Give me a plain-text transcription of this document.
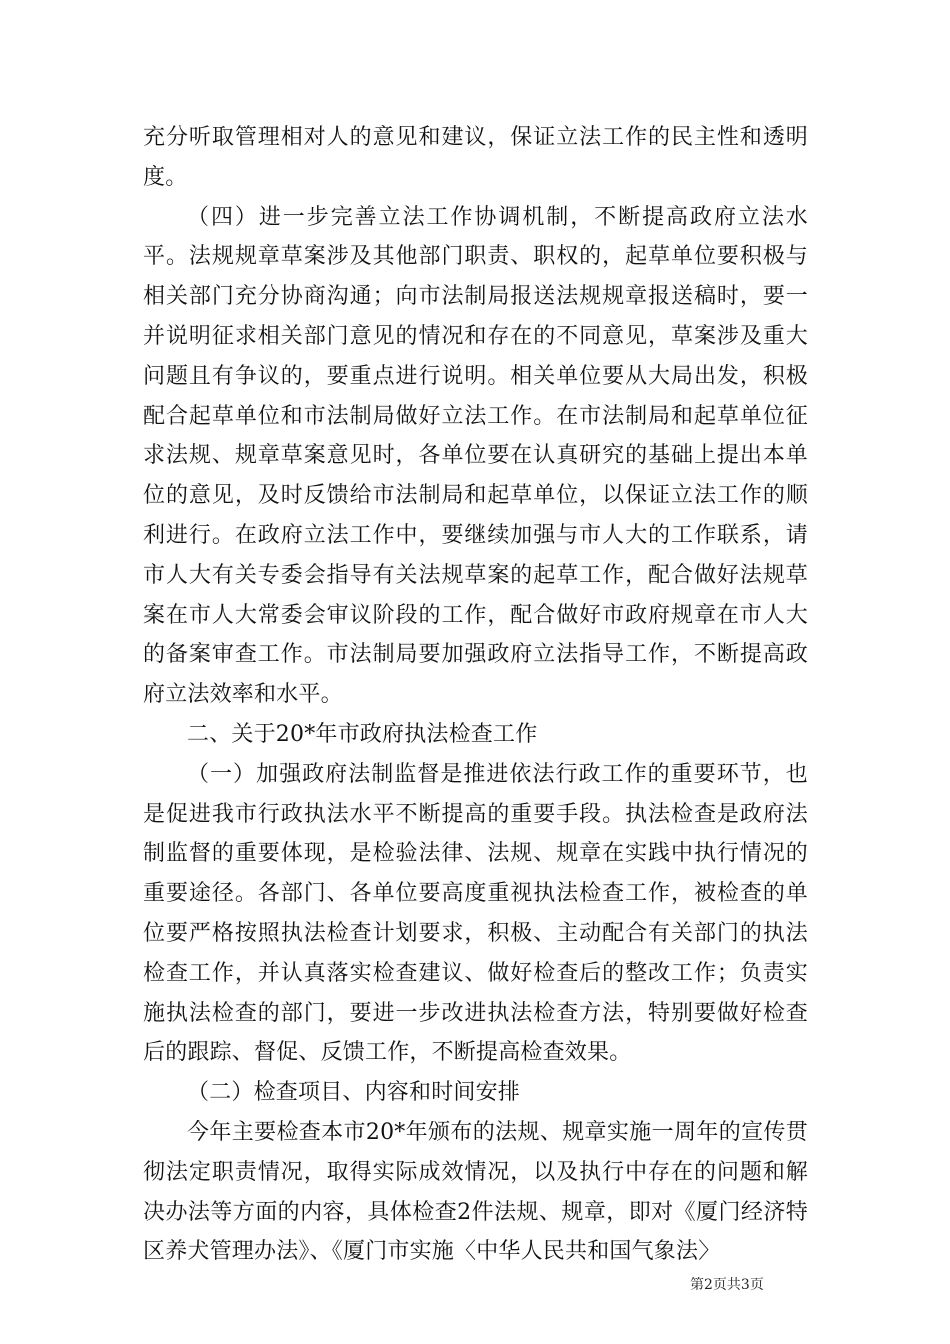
充分听取管理相对人的意见和建议，保证立法工作的民主性和透明度。

（四）进一步完善立法工作协调机制，不断提高政府立法水平。法规规章草案涉及其他部门职责、职权的，起草单位要积极与相关部门充分协商沟通；向市法制局报送法规规章报送稿时，要一并说明征求相关部门意见的情况和存在的不同意见，草案涉及重大问题且有争议的，要重点进行说明。相关单位要从大局出发，积极配合起草单位和市法制局做好立法工作。在市法制局和起草单位征求法规、规章草案意见时，各单位要在认真研究的基础上提出本单位的意见，及时反馈给市法制局和起草单位，以保证立法工作的顺利进行。在政府立法工作中，要继续加强与市人大的工作联系，请市人大有关专委会指导有关法规草案的起草工作，配合做好法规草案在市人大常委会审议阶段的工作，配合做好市政府规章在市人大的备案审查工作。市法制局要加强政府立法指导工作，不断提高政府立法效率和水平。

二、关于20*年市政府执法检查工作

（一）加强政府法制监督是推进依法行政工作的重要环节，也是促进我市行政执法水平不断提高的重要手段。执法检查是政府法制监督的重要体现，是检验法律、法规、规章在实践中执行情况的重要途径。各部门、各单位要高度重视执法检查工作，被检查的单位要严格按照执法检查计划要求，积极、主动配合有关部门的执法检查工作，并认真落实检查建议、做好检查后的整改工作；负责实施执法检查的部门，要进一步改进执法检查方法，特别要做好检查后的跟踪、督促、反馈工作，不断提高检查效果。

（二）检查项目、内容和时间安排

今年主要检查本市20*年颁布的法规、规章实施一周年的宣传贯彻法定职责情况，取得实际成效情况，以及执行中存在的问题和解决办法等方面的内容，具体检查2件法规、规章，即对《厦门经济特区养犬管理办法》、《厦门市实施〈中华人民共和国气象法〉

第2页共3页
